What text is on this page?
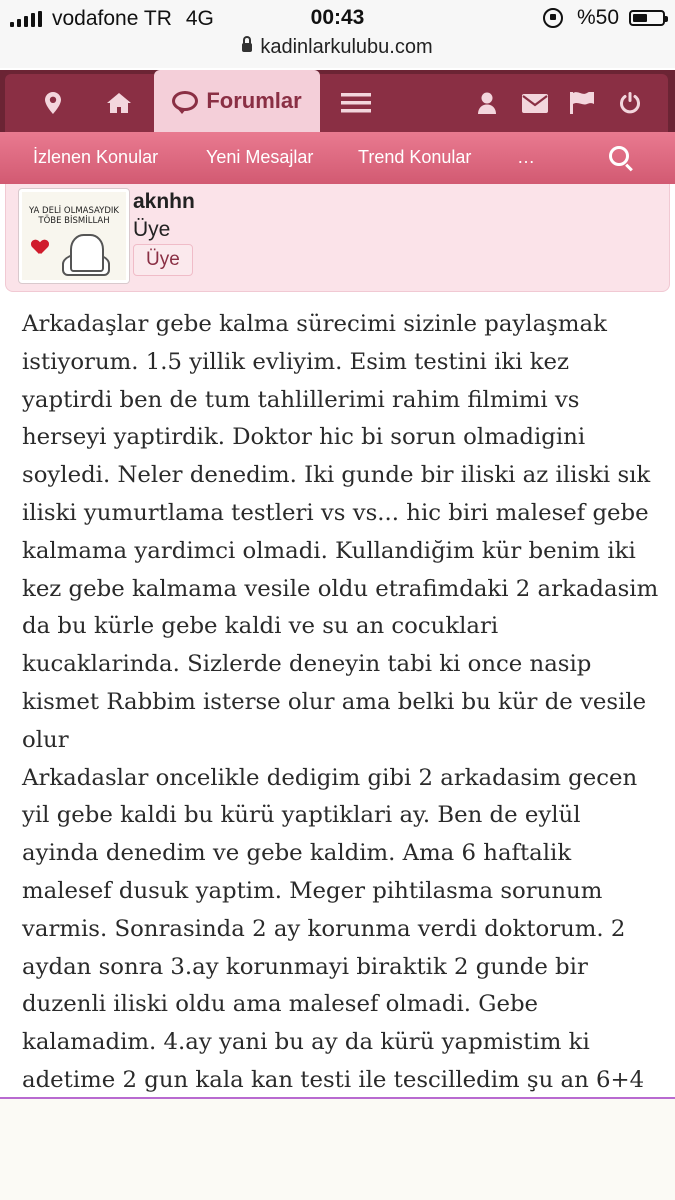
vodafone TR 4G	00:43	%50
kadinlarkulubu.com
Forumlar
İzlenen Konular	Yeni Mesajlar Trend Konular	…
YA DELİ OLMASAYDIK
TÖBE BİSMİLLAH
aknhn
Üye
Üye
Arkadaşlar gebe kalma sürecimi sizinle paylaşmak istiyorum. 1.5 yillik evliyim. Esim testini iki kez yaptirdi ben de tum tahlillerimi rahim filmimi vs herseyi yaptirdik. Doktor hic bi sorun olmadigini soyledi. Neler denedim. Iki gunde bir iliski az iliski sık iliski yumurtlama testleri vs vs... hic biri malesef gebe kalmama yardimci olmadi. Kullandiğim kür benim iki kez gebe kalmama vesile oldu etrafimdaki 2 arkadasim da bu kürle gebe kaldi ve su an cocuklari kucaklarinda. Sizlerde deneyin tabi ki once nasip kismet Rabbim isterse olur ama belki bu kür de vesile olur
Arkadaslar oncelikle dedigim gibi 2 arkadasim gecen yil gebe kaldi bu kürü yaptiklari ay. Ben de eylül ayinda denedim ve gebe kaldim. Ama 6 haftalik malesef dusuk yaptim. Meger pihtilasma sorunum varmis. Sonrasinda 2 ay korunma verdi doktorum. 2 aydan sonra 3.ay korunmayi biraktik 2 gunde bir duzenli iliski oldu ama malesef olmadi. Gebe kalamadim. 4.ay yani bu ay da kürü yapmistim ki adetime 2 gun kala kan testi ile tescilledim şu an 6+4
